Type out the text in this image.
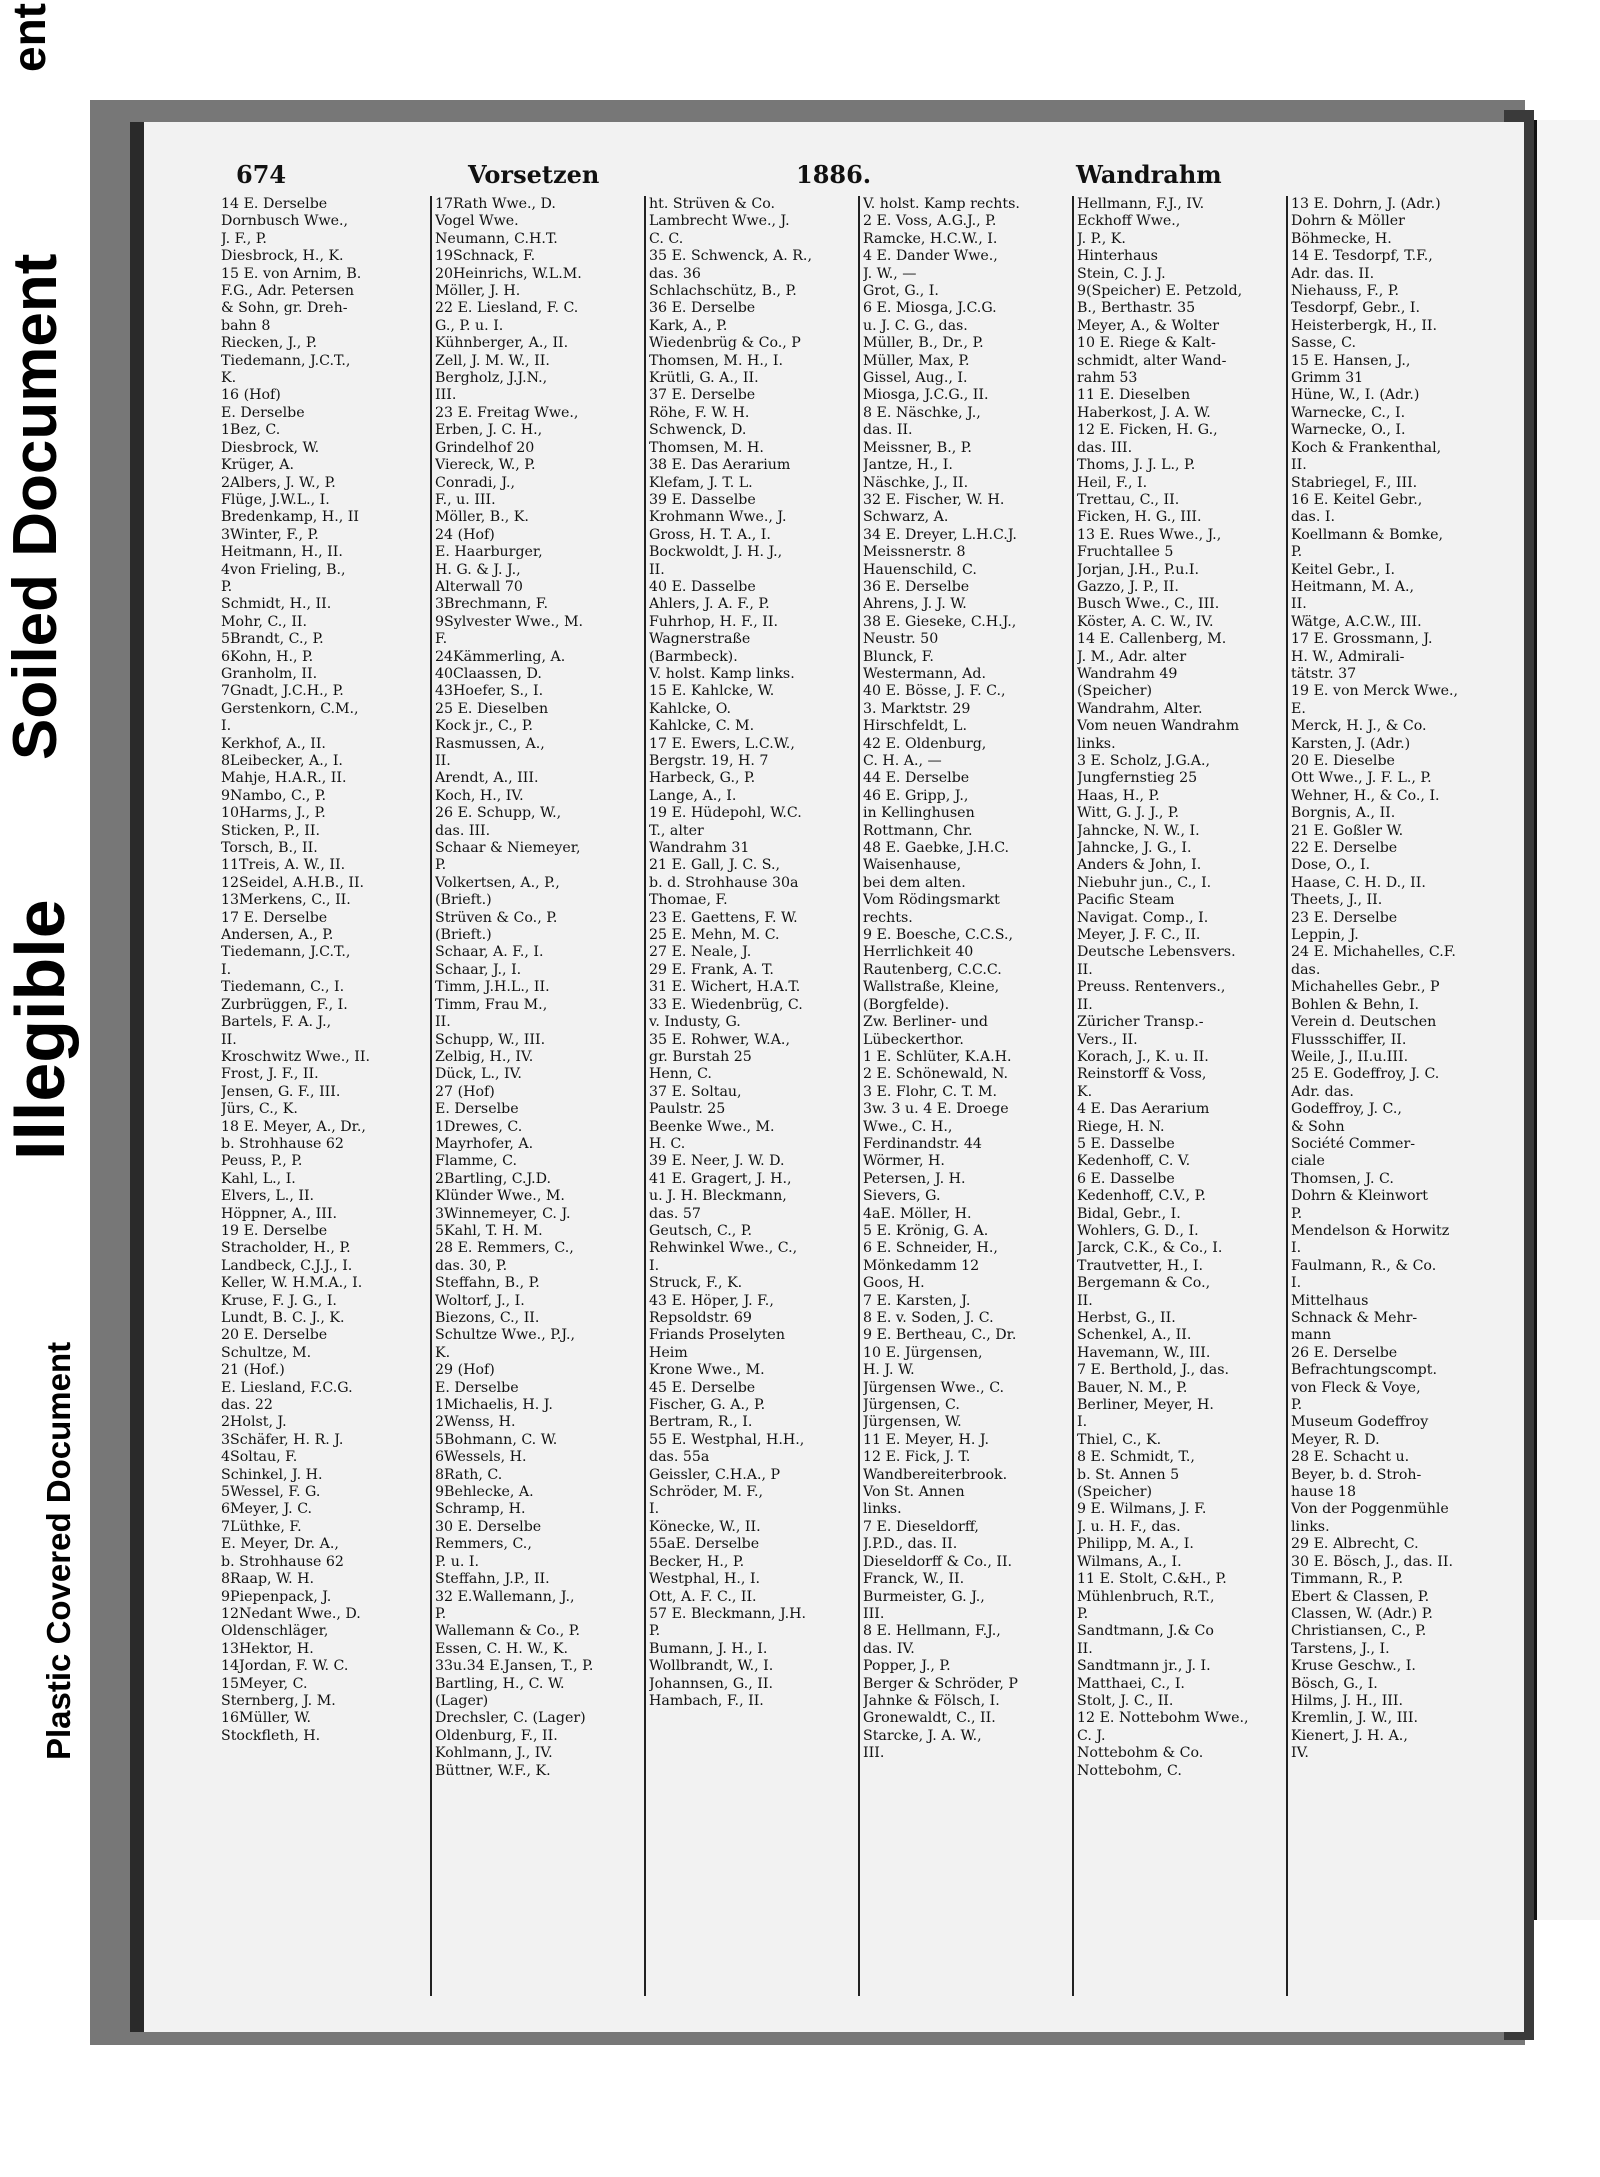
ent
Soiled Document
Illegible
Plastic Covered Document
674	Vorsetzen	1886.	Wandrahm
14 E. Derselbe
Dornbusch Wwe.,
J. F., P.
Diesbrock, H., K.
15 E. von Arnim, B.
F.G., Adr. Petersen
& Sohn, gr. Dreh-
bahn 8
Riecken, J., P.
Tiedemann, J.C.T.,
K.
16 (Hof)
E. Derselbe
1Bez, C.
Diesbrock, W.
Krüger, A.
2Albers, J. W., P.
Flüge, J.W.L., I.
Bredenkamp, H., II
3Winter, F., P.
Heitmann, H., II.
4von Frieling, B.,
P.
Schmidt, H., II.
Mohr, C., II.
5Brandt, C., P.
6Kohn, H., P.
Granholm, II.
7Gnadt, J.C.H., P.
Gerstenkorn, C.M.,
I.
Kerkhof, A., II.
8Leibecker, A., I.
Mahje, H.A.R., II.
9Nambo, C., P.
10Harms, J., P.
Sticken, P., II.
Torsch, B., II.
11Treis, A. W., II.
12Seidel, A.H.B., II.
13Merkens, C., II.
17 E. Derselbe
Andersen, A., P.
Tiedemann, J.C.T.,
I.
Tiedemann, C., I.
Zurbrüggen, F., I.
Bartels, F. A. J.,
II.
Kroschwitz Wwe., II.
Frost, J. F., II.
Jensen, G. F., III.
Jürs, C., K.
18 E. Meyer, A., Dr.,
b. Strohhause 62
Peuss, P., P.
Kahl, L., I.
Elvers, L., II.
Höppner, A., III.
19 E. Derselbe
Stracholder, H., P.
Landbeck, C.J.J., I.
Keller, W. H.M.A., I.
Kruse, F. J. G., I.
Lundt, B. C. J., K.
20 E. Derselbe
Schultze, M.
21 (Hof.)
E. Liesland, F.C.G.
das. 22
2Holst, J.
3Schäfer, H. R. J.
4Soltau, F.
Schinkel, J. H.
5Wessel, F. G.
6Meyer, J. C.
7Lüthke, F.
E. Meyer, Dr. A.,
b. Strohhause 62
8Raap, W. H.
9Piepenpack, J.
12Nedant Wwe., D.
Oldenschläger,
13Hektor, H.
14Jordan, F. W. C.
15Meyer, C.
Sternberg, J. M.
16Müller, W.
Stockfleth, H.
17Rath Wwe., D.
Vogel Wwe.
Neumann, C.H.T.
19Schnack, F.
20Heinrichs, W.L.M.
Möller, J. H.
22 E. Liesland, F. C.
G., P. u. I.
Kühnberger, A., II.
Zell, J. M. W., II.
Bergholz, J.J.N.,
III.
23 E. Freitag Wwe.,
Erben, J. C. H.,
Grindelhof 20
Viereck, W., P.
Conradi, J.,
F., u. III.
Möller, B., K.
24 (Hof)
E. Haarburger,
H. G. & J. J.,
Alterwall 70
3Brechmann, F.
9Sylvester Wwe., M.
F.
24Kämmerling, A.
40Claassen, D.
43Hoefer, S., I.
25 E. Dieselben
Kock jr., C., P.
Rasmussen, A.,
II.
Arendt, A., III.
Koch, H., IV.
26 E. Schupp, W.,
das. III.
Schaar & Niemeyer,
P.
Volkertsen, A., P.,
(Brieft.)
Strüven & Co., P.
(Brieft.)
Schaar, A. F., I.
Schaar, J., I.
Timm, J.H.L., II.
Timm, Frau M.,
II.
Schupp, W., III.
Zelbig, H., IV.
Dück, L., IV.
27 (Hof)
E. Derselbe
1Drewes, C.
Mayrhofer, A.
Flamme, C.
2Bartling, C.J.D.
Klünder Wwe., M.
3Winnemeyer, C. J.
5Kahl, T. H. M.
28 E. Remmers, C.,
das. 30, P.
Steffahn, B., P.
Woltorf, J., I.
Biezons, C., II.
Schultze Wwe., P.J.,
K.
29 (Hof)
E. Derselbe
1Michaelis, H. J.
2Wenss, H.
5Bohmann, C. W.
6Wessels, H.
8Rath, C.
9Behlecke, A.
Schramp, H.
30 E. Derselbe
Remmers, C.,
P. u. I.
Steffahn, J.P., II.
32 E.Wallemann, J.,
P.
Wallemann & Co., P.
Essen, C. H. W., K.
33u.34 E.Jansen, T., P.
Bartling, H., C. W.
(Lager)
Drechsler, C. (Lager)
Oldenburg, F., II.
Kohlmann, J., IV.
Büttner, W.F., K.
ht. Strüven & Co.
Lambrecht Wwe., J.
C. C.
35 E. Schwenck, A. R.,
das. 36
Schlachschütz, B., P.
36 E. Derselbe
Kark, A., P.
Wiedenbrüg & Co., P
Thomsen, M. H., I.
Krütli, G. A., II.
37 E. Derselbe
Röhe, F. W. H.
Schwenck, D.
Thomsen, M. H.
38 E. Das Aerarium
Klefam, J. T. L.
39 E. Dasselbe
Krohmann Wwe., J.
Gross, H. T. A., I.
Bockwoldt, J. H. J.,
II.
40 E. Dasselbe
Ahlers, J. A. F., P.
Fuhrhop, H. F., II.
Wagnerstraße
(Barmbeck).
V. holst. Kamp links.
15 E. Kahlcke, W.
Kahlcke, O.
Kahlcke, C. M.
17 E. Ewers, L.C.W.,
Bergstr. 19, H. 7
Harbeck, G., P.
Lange, A., I.
19 E. Hüdepohl, W.C.
T., alter
Wandrahm 31
21 E. Gall, J. C. S.,
b. d. Strohhause 30a
Thomae, F.
23 E. Gaettens, F. W.
25 E. Mehn, M. C.
27 E. Neale, J.
29 E. Frank, A. T.
31 E. Wichert, H.A.T.
33 E. Wiedenbrüg, C.
v. Industy, G.
35 E. Rohwer, W.A.,
gr. Burstah 25
Henn, C.
37 E. Soltau,
Paulstr. 25
Beenke Wwe., M.
H. C.
39 E. Neer, J. W. D.
41 E. Gragert, J. H.,
u. J. H. Bleckmann,
das. 57
Geutsch, C., P.
Rehwinkel Wwe., C.,
I.
Struck, F., K.
43 E. Höper, J. F.,
Repsoldstr. 69
Friands Proselyten
Heim
Krone Wwe., M.
45 E. Derselbe
Fischer, G. A., P.
Bertram, R., I.
55 E. Westphal, H.H.,
das. 55a
Geissler, C.H.A., P
Schröder, M. F.,
I.
Könecke, W., II.
55aE. Derselbe
Becker, H., P.
Westphal, H., I.
Ott, A. F. C., II.
57 E. Bleckmann, J.H.
P.
Bumann, J. H., I.
Wollbrandt, W., I.
Johannsen, G., II.
Hambach, F., II.
V. holst. Kamp rechts.
2 E. Voss, A.G.J., P.
Ramcke, H.C.W., I.
4 E. Dander Wwe.,
J. W., —
Grot, G., I.
6 E. Miosga, J.C.G.
u. J. C. G., das.
Müller, B., Dr., P.
Müller, Max, P.
Gissel, Aug., I.
Miosga, J.C.G., II.
8 E. Näschke, J.,
das. II.
Meissner, B., P.
Jantze, H., I.
Näschke, J., II.
32 E. Fischer, W. H.
Schwarz, A.
34 E. Dreyer, L.H.C.J.
Meissnerstr. 8
Hauenschild, C.
36 E. Derselbe
Ahrens, J. J. W.
38 E. Gieseke, C.H.J.,
Neustr. 50
Blunck, F.
Westermann, Ad.
40 E. Bösse, J. F. C.,
3. Marktstr. 29
Hirschfeldt, L.
42 E. Oldenburg,
C. H. A., —
44 E. Derselbe
46 E. Gripp, J.,
in Kellinghusen
Rottmann, Chr.
48 E. Gaebke, J.H.C.
Waisenhause,
bei dem alten.
Vom Rödingsmarkt
rechts.
9 E. Boesche, C.C.S.,
Herrlichkeit 40
Rautenberg, C.C.C.
Wallstraße, Kleine,
(Borgfelde).
Zw. Berliner- und
Lübeckerthor.
1 E. Schlüter, K.A.H.
2 E. Schönewald, N.
3 E. Flohr, C. T. M.
3w. 3 u. 4 E. Droege
Wwe., C. H.,
Ferdinandstr. 44
Wörmer, H.
Petersen, J. H.
Sievers, G.
4aE. Möller, H.
5 E. Krönig, G. A.
6 E. Schneider, H.,
Mönkedamm 12
Goos, H.
7 E. Karsten, J.
8 E. v. Soden, J. C.
9 E. Bertheau, C., Dr.
10 E. Jürgensen,
H. J. W.
Jürgensen Wwe., C.
Jürgensen, C.
Jürgensen, W.
11 E. Meyer, H. J.
12 E. Fick, J. T.
Wandbereiterbrook.
Von St. Annen
links.
7 E. Dieseldorff,
J.P.D., das. II.
Dieseldorff & Co., II.
Franck, W., II.
Burmeister, G. J.,
III.
8 E. Hellmann, F.J.,
das. IV.
Popper, J., P.
Berger & Schröder, P
Jahnke & Fölsch, I.
Gronewaldt, C., II.
Starcke, J. A. W.,
III.
Hellmann, F.J., IV.
Eckhoff Wwe.,
J. P., K.
Hinterhaus
Stein, C. J. J.
9(Speicher) E. Petzold,
B., Berthastr. 35
Meyer, A., & Wolter
10 E. Riege & Kalt-
schmidt, alter Wand-
rahm 53
11 E. Dieselben
Haberkost, J. A. W.
12 E. Ficken, H. G.,
das. III.
Thoms, J. J. L., P.
Heil, F., I.
Trettau, C., II.
Ficken, H. G., III.
13 E. Rues Wwe., J.,
Fruchtallee 5
Jorjan, J.H., P.u.I.
Gazzo, J. P., II.
Busch Wwe., C., III.
Köster, A. C. W., IV.
14 E. Callenberg, M.
J. M., Adr. alter
Wandrahm 49
(Speicher)
Wandrahm, Alter.
Vom neuen Wandrahm
links.
3 E. Scholz, J.G.A.,
Jungfernstieg 25
Haas, H., P.
Witt, G. J. J., P.
Jahncke, N. W., I.
Jahncke, J. G., I.
Anders & John, I.
Niebuhr jun., C., I.
Pacific Steam
Navigat. Comp., I.
Meyer, J. F. C., II.
Deutsche Lebensvers.
II.
Preuss. Rentenvers.,
II.
Züricher Transp.-
Vers., II.
Korach, J., K. u. II.
Reinstorff & Voss,
K.
4 E. Das Aerarium
Riege, H. N.
5 E. Dasselbe
Kedenhoff, C. V.
6 E. Dasselbe
Kedenhoff, C.V., P.
Bidal, Gebr., I.
Wohlers, G. D., I.
Jarck, C.K., & Co., I.
Trautvetter, H., I.
Bergemann & Co.,
II.
Herbst, G., II.
Schenkel, A., II.
Havemann, W., III.
7 E. Berthold, J., das.
Bauer, N. M., P.
Berliner, Meyer, H.
I.
Thiel, C., K.
8 E. Schmidt, T.,
b. St. Annen 5
(Speicher)
9 E. Wilmans, J. F.
J. u. H. F., das.
Philipp, M. A., I.
Wilmans, A., I.
11 E. Stolt, C.&H., P.
Mühlenbruch, R.T.,
P.
Sandtmann, J.& Co
II.
Sandtmann jr., J. I.
Matthaei, C., I.
Stolt, J. C., II.
12 E. Nottebohm Wwe.,
C. J.
Nottebohm & Co.
Nottebohm, C.
13 E. Dohrn, J. (Adr.)
Dohrn & Möller
Böhmecke, H.
14 E. Tesdorpf, T.F.,
Adr. das. II.
Niehauss, F., P.
Tesdorpf, Gebr., I.
Heisterbergk, H., II.
Sasse, C.
15 E. Hansen, J.,
Grimm 31
Hüne, W., I. (Adr.)
Warnecke, C., I.
Warnecke, O., I.
Koch & Frankenthal,
II.
Stabriegel, F., III.
16 E. Keitel Gebr.,
das. I.
Koellmann & Bomke,
P.
Keitel Gebr., I.
Heitmann, M. A.,
II.
Wätge, A.C.W., III.
17 E. Grossmann, J.
H. W., Admirali-
tätstr. 37
19 E. von Merck Wwe.,
E.
Merck, H. J., & Co.
Karsten, J. (Adr.)
20 E. Dieselbe
Ott Wwe., J. F. L., P.
Wehner, H., & Co., I.
Borgnis, A., II.
21 E. Goßler W.
22 E. Derselbe
Dose, O., I.
Haase, C. H. D., II.
Theets, J., II.
23 E. Derselbe
Leppin, J.
24 E. Michahelles, C.F.
das.
Michahelles Gebr., P
Bohlen & Behn, I.
Verein d. Deutschen
Flussschiffer, II.
Weile, J., II.u.III.
25 E. Godeffroy, J. C.
Adr. das.
Godeffroy, J. C.,
& Sohn
Société Commer-
ciale
Thomsen, J. C.
Dohrn & Kleinwort
P.
Mendelson & Horwitz
I.
Faulmann, R., & Co.
I.
Mittelhaus
Schnack & Mehr-
mann
26 E. Derselbe
Befrachtungscompt.
von Fleck & Voye,
P.
Museum Godeffroy
Meyer, R. D.
28 E. Schacht u.
Beyer, b. d. Stroh-
hause 18
Von der Poggenmühle
links.
29 E. Albrecht, C.
30 E. Bösch, J., das. II.
Timmann, R., P.
Ebert & Classen, P.
Classen, W. (Adr.) P.
Christiansen, C., P.
Tarstens, J., I.
Kruse Geschw., I.
Bösch, G., I.
Hilms, J. H., III.
Kremlin, J. W., III.
Kienert, J. H. A.,
IV.
